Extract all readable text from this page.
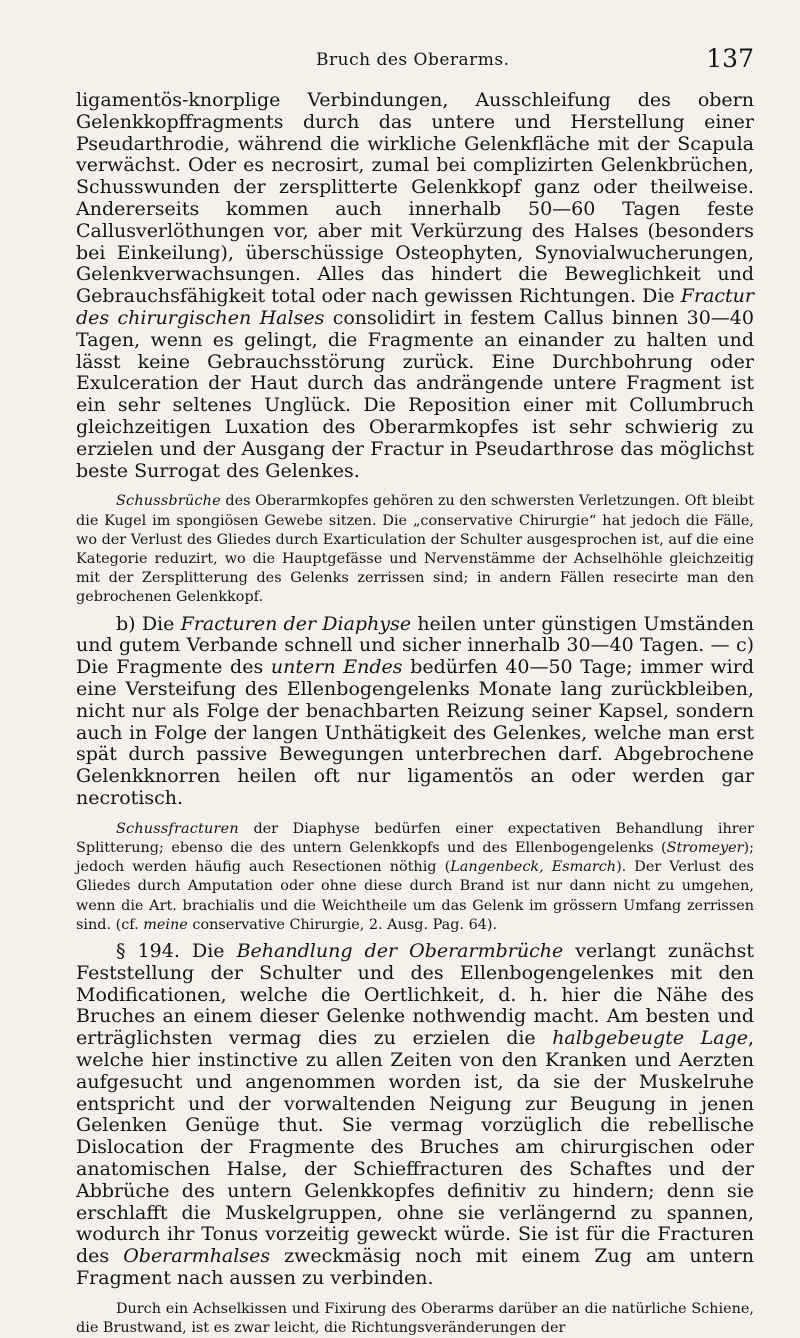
Bruch des Oberarms.	137

ligamentös-knorplige Verbindungen, Ausschleifung des obern Gelenkkopffragments durch das untere und Herstellung einer Pseudarthrodie, während die wirkliche Gelenkfläche mit der Scapula verwächst. Oder es necrosirt, zumal bei complizirten Gelenkbrüchen, Schusswunden der zersplitterte Gelenkkopf ganz oder theilweise. Andererseits kommen auch innerhalb 50—60 Tagen feste Callusverlöthungen vor, aber mit Verkürzung des Halses (besonders bei Einkeilung), überschüssige Osteophyten, Synovialwucherungen, Gelenkverwachsungen. Alles das hindert die Beweglichkeit und Gebrauchsfähigkeit total oder nach gewissen Richtungen. Die Fractur des chirurgischen Halses consolidirt in festem Callus binnen 30—40 Tagen, wenn es gelingt, die Fragmente an einander zu halten und lässt keine Gebrauchsstörung zurück. Eine Durchbohrung oder Exulceration der Haut durch das andrängende untere Fragment ist ein sehr seltenes Unglück. Die Reposition einer mit Collumbruch gleichzeitigen Luxation des Oberarmkopfes ist sehr schwierig zu erzielen und der Ausgang der Fractur in Pseudarthrose das möglichst beste Surrogat des Gelenkes.

Schussbrüche des Oberarmkopfes gehören zu den schwersten Verletzungen. Oft bleibt die Kugel im spongiösen Gewebe sitzen. Die „conservative Chirurgie“ hat jedoch die Fälle, wo der Verlust des Gliedes durch Exarticulation der Schulter ausgesprochen ist, auf die eine Kategorie reduzirt, wo die Hauptgefässe und Nervenstämme der Achselhöhle gleichzeitig mit der Zersplitterung des Gelenks zerrissen sind; in andern Fällen resecirte man den gebrochenen Gelenkkopf.

b) Die Fracturen der Diaphyse heilen unter günstigen Umständen und gutem Verbande schnell und sicher innerhalb 30—40 Tagen. — c) Die Fragmente des untern Endes bedürfen 40—50 Tage; immer wird eine Versteifung des Ellenbogengelenks Monate lang zurückbleiben, nicht nur als Folge der benachbarten Reizung seiner Kapsel, sondern auch in Folge der langen Unthätigkeit des Gelenkes, welche man erst spät durch passive Bewegungen unterbrechen darf. Abgebrochene Gelenkknorren heilen oft nur ligamentös an oder werden gar necrotisch.

Schussfracturen der Diaphyse bedürfen einer expectativen Behandlung ihrer Splitterung; ebenso die des untern Gelenkkopfs und des Ellenbogengelenks (Stromeyer); jedoch werden häufig auch Resectionen nöthig (Langenbeck, Esmarch). Der Verlust des Gliedes durch Amputation oder ohne diese durch Brand ist nur dann nicht zu umgehen, wenn die Art. brachialis und die Weichtheile um das Gelenk im grössern Umfang zerrissen sind. (cf. meine conservative Chirurgie, 2. Ausg. Pag. 64).

§ 194. Die Behandlung der Oberarmbrüche verlangt zunächst Feststellung der Schulter und des Ellenbogengelenkes mit den Modificationen, welche die Oertlichkeit, d. h. hier die Nähe des Bruches an einem dieser Gelenke nothwendig macht. Am besten und erträglichsten vermag dies zu erzielen die halbgebeugte Lage, welche hier instinctive zu allen Zeiten von den Kranken und Aerzten aufgesucht und angenommen worden ist, da sie der Muskelruhe entspricht und der vorwaltenden Neigung zur Beugung in jenen Gelenken Genüge thut. Sie vermag vorzüglich die rebellische Dislocation der Fragmente des Bruches am chirurgischen oder anatomischen Halse, der Schieffracturen des Schaftes und der Abbrüche des untern Gelenkkopfes definitiv zu hindern; denn sie erschlafft die Muskelgruppen, ohne sie verlängernd zu spannen, wodurch ihr Tonus vorzeitig geweckt würde. Sie ist für die Fracturen des Oberarmhalses zweckmäsig noch mit einem Zug am untern Fragment nach aussen zu verbinden.

Durch ein Achselkissen und Fixirung des Oberarms darüber an die natürliche Schiene, die Brustwand, ist es zwar leicht, die Richtungsveränderungen der
